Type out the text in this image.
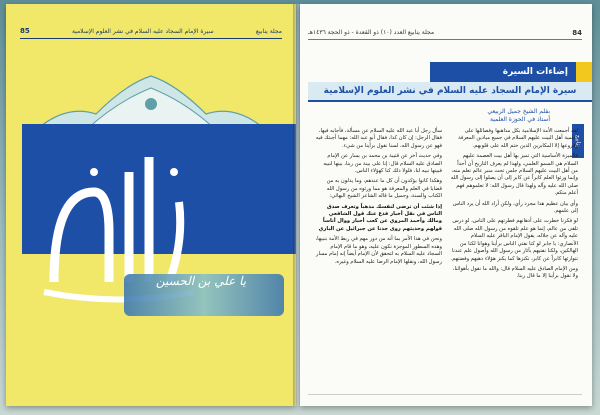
85	سيرة الإمام السجاد عليه السلام في نشر العلوم الإسلامية	مجلة ينابيع
يا علي بن الحسين
مجلة ينابيع العدد (١٠) ذو القعدة - ذو الحجة ١٤٣٦هـ	84
إضاءات السيرة
سيرة الإمام السجاد عليه السلام في نشر العلوم الإسلامية
بقلم الشيخ جميل الربيعي
أستاذ في الحوزة العلمية
ينابيع

لقد أجمعت الأمة الإسلامية بكل مذاهبها وفصائلها على أعلمية أهل البيت عليهم السلام في جميع ميادين المعرفة وفروعها إلا المكابرين الذين ختم الله على قلوبهم.

فالميزة الأساسية التي تميز بها أهل بيت العصمة عليهم السلام هي السمو العلمي، ولهذا لم يعرف التاريخ أن أحداً من أهل البيت عليهم السلام جلس تحت منبر عالم تعلم منه، وإنما ورثوا العلم كابراً عن كابر إلى أن يصلوا إلى رسول الله صلى الله عليه وآله ولهذا قال رسول الله: لا تعلموهم فهم أعلم منكم.

وأي بيان عظيم هذا مجرد رأي، ولكن أراد الله أن يرد الناس إلى علمهم.

لو فكرنا خطرت على أذهانهم فطرتهم على الناس، لو درس تلقى من عالم، إنما هو علم تلقوه من رسول الله صلى الله عليه وآله عن جلاله، يقول الإمام الباقر عليه السلام الأنصاري: يا جابر لو كنا نفتي الناس برأينا وهوانا لكنا من الهالكين، ولكنا نفتيهم بآثار من رسول الله وأصول علم عندنا نتوارثها كابراً عن كابر، نكنزها كما يكنز هؤلاء ذهبهم وفضتهم.

ومن الإمام الصادق عليه السلام قال: والله ما نقول بأهوائنا، ولا نقول برأينا إلا ما قال ربنا.

سأل رجل أبا عبد الله عليه السلام عن مسألة، فأجابه فيها، فقال الرجل: إن كان كذا، فقال أبو عبد الله: مهما أجبتك فيه فهو عن رسول الله، لسنا نقول برأينا من شيء.

وفي حديث آخر عن قتيبة بن محمد بن يسار عن الإمام الصادق عليه السلام قال: إنا على بينة من ربنا، بينها لنبيه فبينها نبيه لنا، فلولا ذلك كنا كهؤلاء الناس.

وهكذا كانوا يؤكدون أن كل ما عندهم، وما يدلون به من قضايا في العلم والمعرفة هو مما ورثوه من رسول الله الكتاب والسنة، وجميل ما قاله الشاعر الشيخ البهائي:

إذا شئت أن ترضى لنفسك مذهباً وتعرف صدق الناس في نقل أخبار فدع عنك قول الشافعي ومالك وأحمد المروي عن كعب أحبار ووال أناساً قولهم وحديثهم روى جدنا عن جبرائيل عن الباري

ونحن في هذا الأمر بما أنه من دور مهم في ربط الأمة بنبيها، وهذه السطور الموجزة نكون عليه، وهو ما قام الإمام السجاد عليه السلام به لتحقق لأن الإمام أيضاً إنه إمام مسار رسول الله، ونقلها الإمام الرضا عليه السلام وغيره.
